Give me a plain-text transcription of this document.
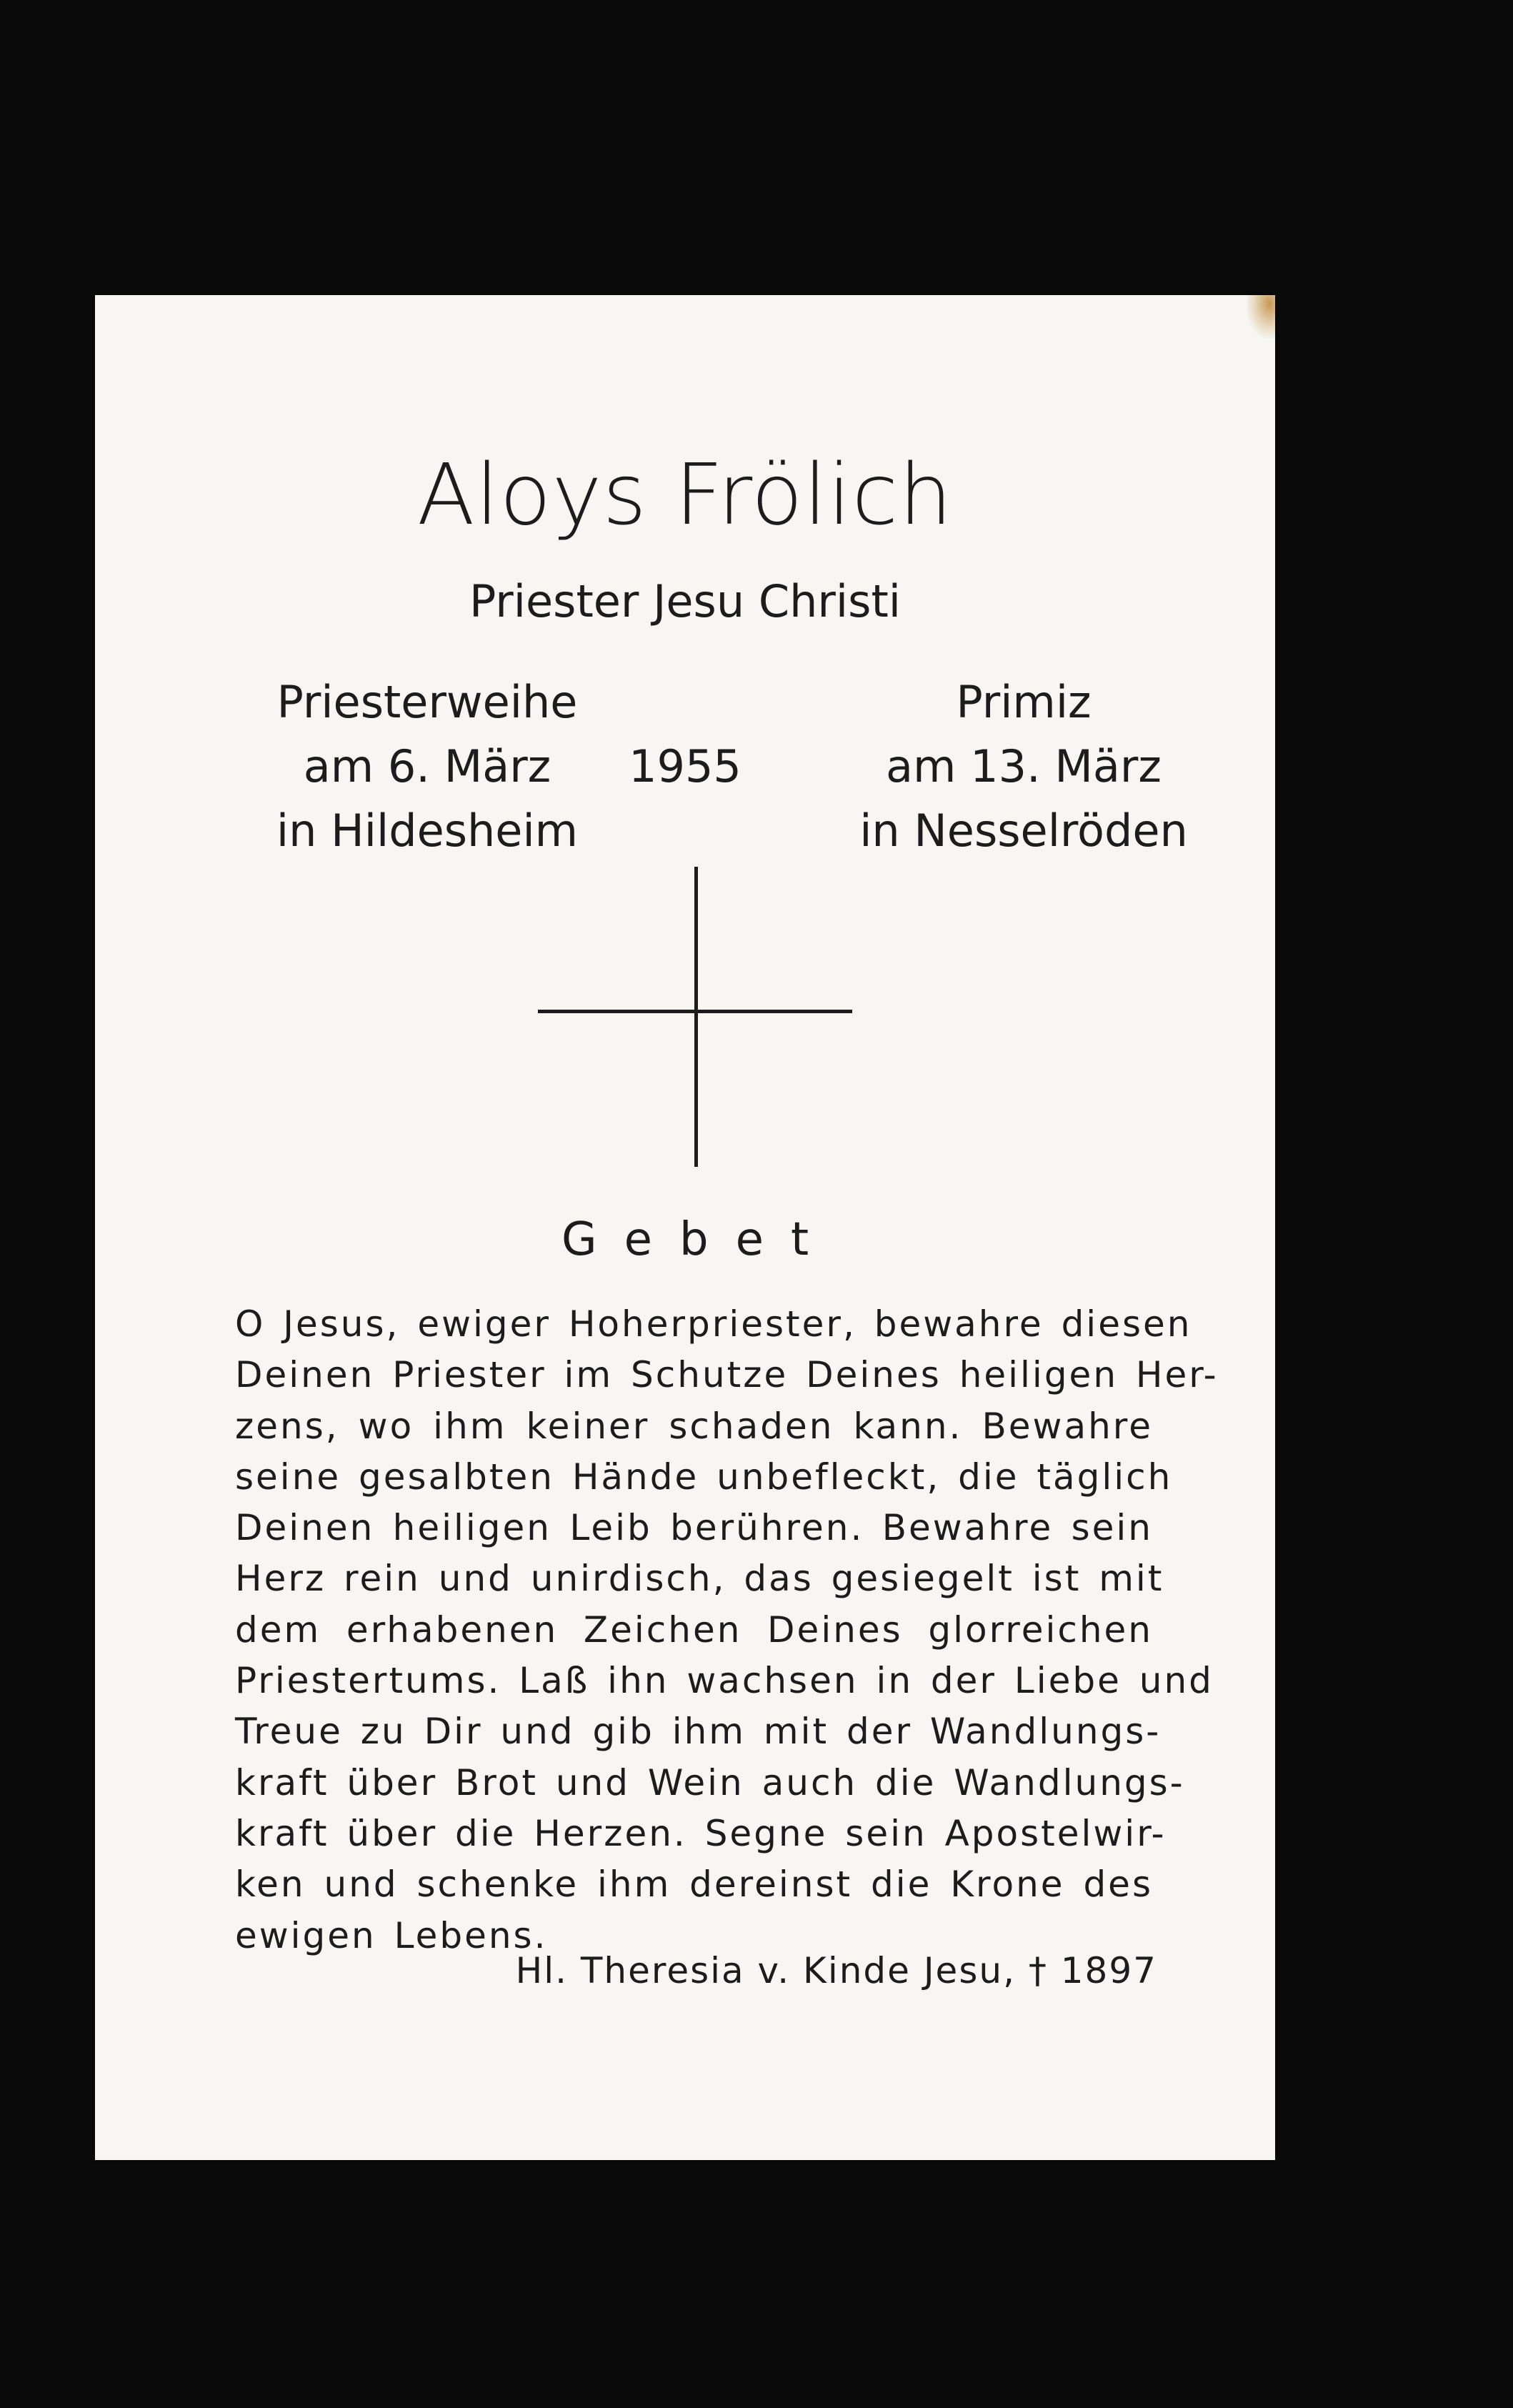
Aloys Frölich
Priester Jesu Christi
Priesterweihe
am 6. März
in Hildesheim
1955
Primiz
am 13. März
in Nesselröden
Gebet
O Jesus, ewiger Hoherpriester, bewahre diesen
Deinen Priester im Schutze Deines heiligen Her-
zens, wo ihm keiner schaden kann. Bewahre
seine gesalbten Hände unbefleckt, die täglich
Deinen heiligen Leib berühren. Bewahre sein
Herz rein und unirdisch, das gesiegelt ist mit
dem erhabenen Zeichen Deines glorreichen
Priestertums. Laß ihn wachsen in der Liebe und
Treue zu Dir und gib ihm mit der Wandlungs-
kraft über Brot und Wein auch die Wandlungs-
kraft über die Herzen. Segne sein Apostelwir-
ken und schenke ihm dereinst die Krone des
ewigen Lebens.
Hl. Theresia v. Kinde Jesu, † 1897
